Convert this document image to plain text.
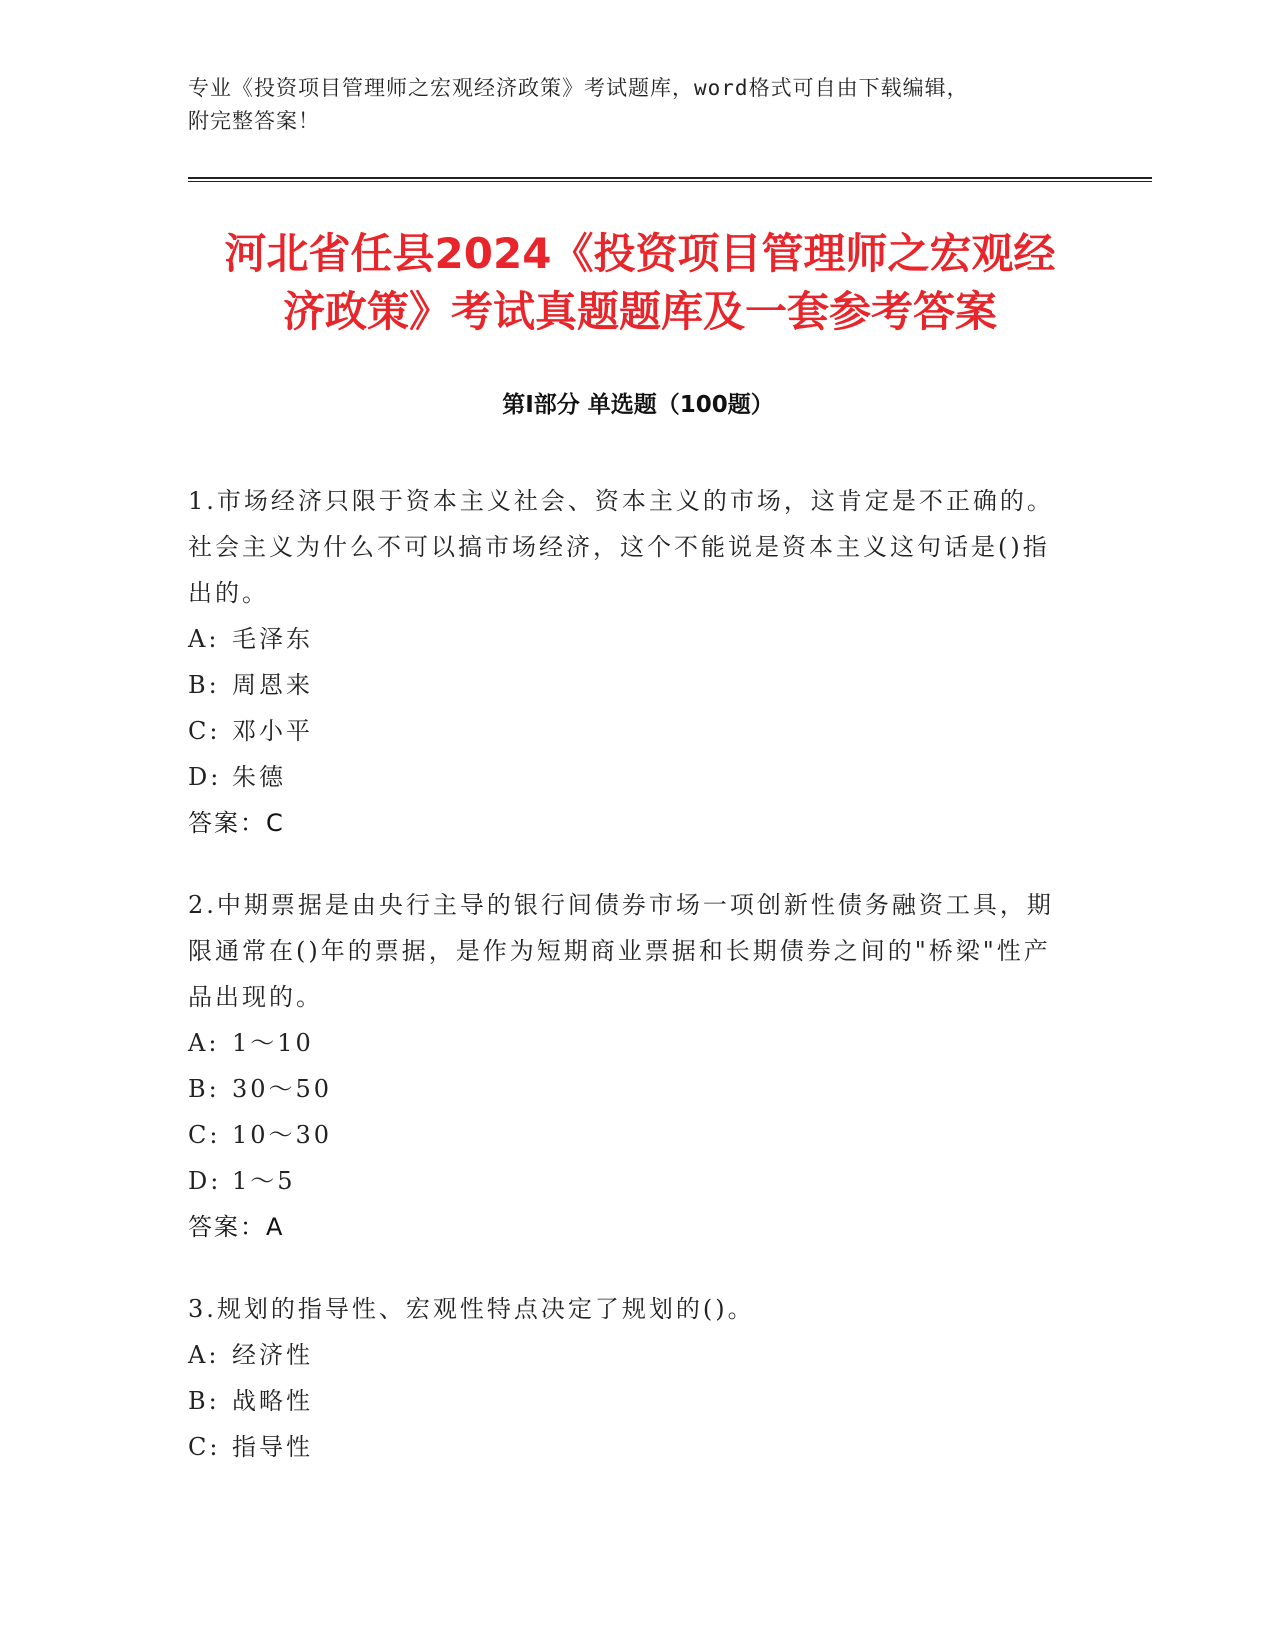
专业《投资项目管理师之宏观经济政策》考试题库，word格式可自由下载编辑，
附完整答案！
河北省任县2024《投资项目管理师之宏观经
济政策》考试真题题库及一套参考答案
第Ⅰ部分 单选题（100题）

1.市场经济只限于资本主义社会、资本主义的市场，这肯定是不正确的。社会主义为什么不可以搞市场经济，这个不能说是资本主义这句话是()指出的。

A: 毛泽东
B: 周恩来
C: 邓小平
D: 朱德
答案：C

2.中期票据是由央行主导的银行间债券市场一项创新性债务融资工具，期限通常在()年的票据，是作为短期商业票据和长期债券之间的"桥梁"性产品出现的。

A: 1～10
B: 30～50
C: 10～30
D: 1～5
答案：A

3.规划的指导性、宏观性特点决定了规划的()。

A: 经济性
B: 战略性
C: 指导性
